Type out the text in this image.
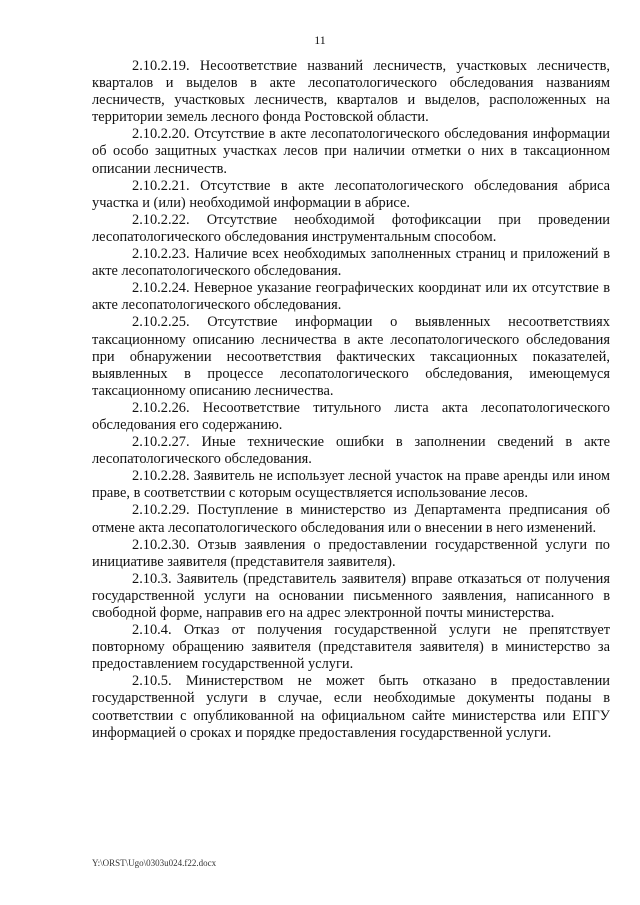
11

2.10.2.19. Несоответствие названий лесничеств, участковых лесничеств, кварталов и выделов в акте лесопатологического обследования названиям лесничеств, участковых лесничеств, кварталов и выделов, расположенных на территории земель лесного фонда Ростовской области.

2.10.2.20. Отсутствие в акте лесопатологического обследования информации об особо защитных участках лесов при наличии отметки о них в таксационном описании лесничеств.

2.10.2.21. Отсутствие в акте лесопатологического обследования абриса участка и (или) необходимой информации в абрисе.

2.10.2.22. Отсутствие необходимой фотофиксации при проведении лесопатологического обследования инструментальным способом.

2.10.2.23. Наличие всех необходимых заполненных страниц и приложений в акте лесопатологического обследования.

2.10.2.24. Неверное указание географических координат или их отсутствие в акте лесопатологического обследования.

2.10.2.25. Отсутствие информации о выявленных несоответствиях таксационному описанию лесничества в акте лесопатологического обследования при обнаружении несоответствия фактических таксационных показателей, выявленных в процессе лесопатологического обследования, имеющемуся таксационному описанию лесничества.

2.10.2.26. Несоответствие титульного листа акта лесопатологического обследования его содержанию.

2.10.2.27. Иные технические ошибки в заполнении сведений в акте лесопатологического обследования.

2.10.2.28. Заявитель не использует лесной участок на праве аренды или ином праве, в соответствии с которым осуществляется использование лесов.

2.10.2.29. Поступление в министерство из Департамента предписания об отмене акта лесопатологического обследования или о внесении в него изменений.

2.10.2.30. Отзыв заявления о предоставлении государственной услуги по инициативе заявителя (представителя заявителя).

2.10.3. Заявитель (представитель заявителя) вправе отказаться от получения государственной услуги на основании письменного заявления, написанного в свободной форме, направив его на адрес электронной почты министерства.

2.10.4. Отказ от получения государственной услуги не препятствует повторному обращению заявителя (представителя заявителя) в министерство за предоставлением государственной услуги.

2.10.5. Министерством не может быть отказано в предоставлении государственной услуги в случае, если необходимые документы поданы в соответствии с опубликованной на официальном сайте министерства или ЕПГУ информацией о сроках и порядке предоставления государственной услуги.

Y:\ORST\Ugo\0303u024.f22.docx
